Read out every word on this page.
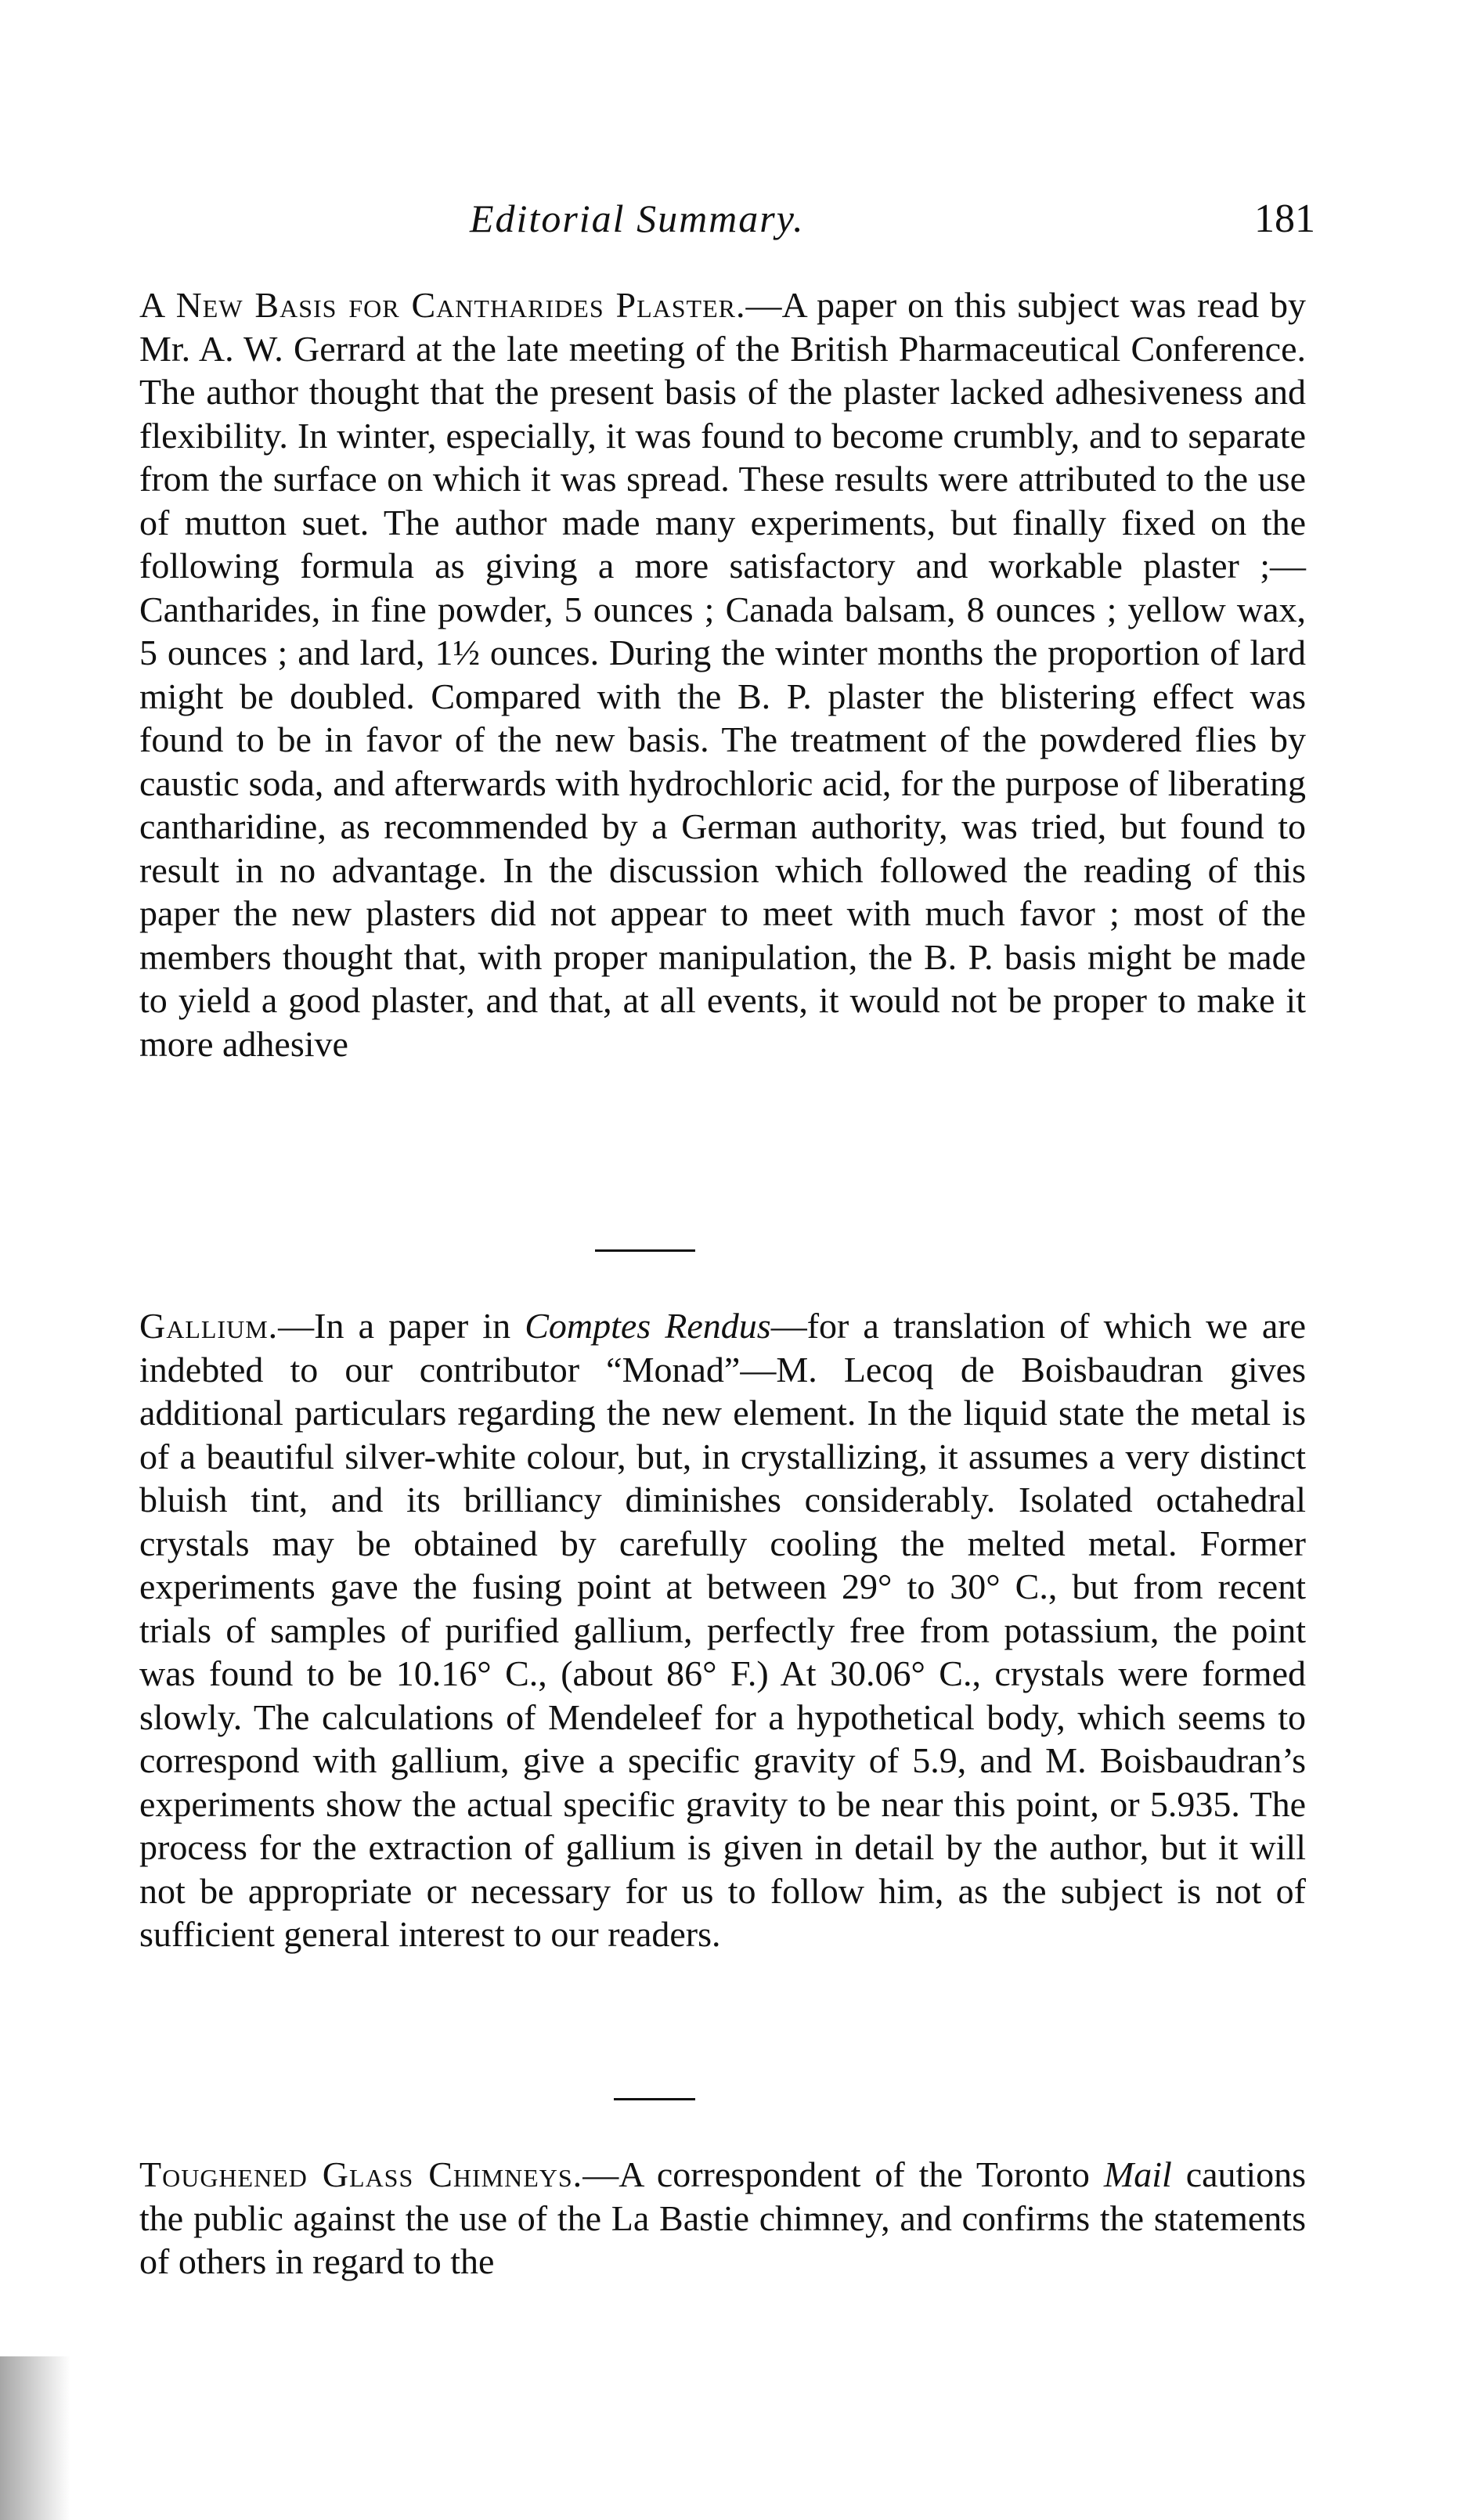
Editorial Summary.	181

A New Basis for Cantharides Plaster.—A paper on this subject was read by Mr. A. W. Gerrard at the late meeting of the British Pharmaceutical Conference. The author thought that the present basis of the plaster lacked adhesiveness and flexibility. In winter, especially, it was found to become crumbly, and to separate from the surface on which it was spread. These results were attributed to the use of mutton suet. The author made many experiments, but finally fixed on the following formula as giving a more satisfactory and workable plaster ;—Cantharides, in fine powder, 5 ounces ; Canada balsam, 8 ounces ; yellow wax, 5 ounces ; and lard, 1½ ounces. During the winter months the proportion of lard might be doubled. Compared with the B. P. plaster the blistering effect was found to be in favor of the new basis. The treatment of the powdered flies by caustic soda, and afterwards with hydrochloric acid, for the purpose of liberating cantharidine, as recommended by a German authority, was tried, but found to result in no advantage. In the discussion which followed the reading of this paper the new plasters did not appear to meet with much favor ; most of the members thought that, with proper manipulation, the B. P. basis might be made to yield a good plaster, and that, at all events, it would not be proper to make it more adhesive

Gallium.—In a paper in Comptes Rendus—for a translation of which we are indebted to our contributor “Monad”—M. Lecoq de Boisbaudran gives additional particulars regarding the new element. In the liquid state the metal is of a beautiful silver-white colour, but, in crystallizing, it assumes a very distinct bluish tint, and its brilliancy diminishes considerably. Isolated octahedral crystals may be obtained by carefully cooling the melted metal. Former experiments gave the fusing point at between 29° to 30° C., but from recent trials of samples of purified gallium, perfectly free from potassium, the point was found to be 10.16° C., (about 86° F.) At 30.06° C., crystals were formed slowly. The calculations of Mendeleef for a hypothetical body, which seems to correspond with gallium, give a specific gravity of 5.9, and M. Boisbaudran’s experiments show the actual specific gravity to be near this point, or 5.935. The process for the extraction of gallium is given in detail by the author, but it will not be appropriate or necessary for us to follow him, as the subject is not of sufficient general interest to our readers.

Toughened Glass Chimneys.—A correspondent of the Toronto Mail cautions the public against the use of the La Bastie chimney, and confirms the statements of others in regard to the
